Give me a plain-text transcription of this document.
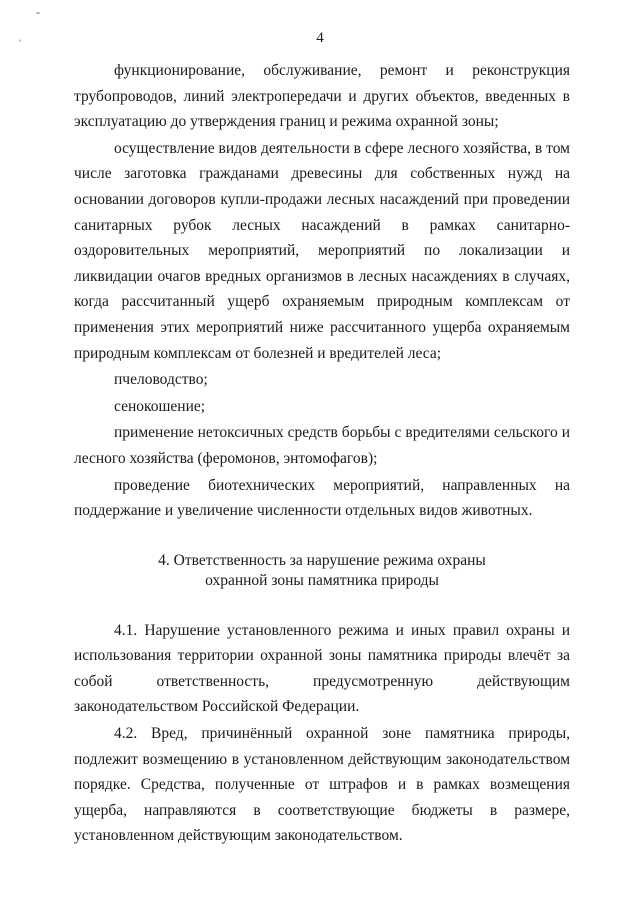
-
ʿ	4

функционирование, обслуживание, ремонт и реконструкция трубопроводов, линий электропередачи и других объектов, введенных в эксплуатацию до утверждения границ и режима охранной зоны;

осуществление видов деятельности в сфере лесного хозяйства, в том числе заготовка гражданами древесины для собственных нужд на основании договоров купли-продажи лесных насаждений при проведении санитарных рубок лесных насаждений в рамках санитарно-оздоровительных мероприятий, мероприятий по локализации и ликвидации очагов вредных организмов в лесных насаждениях в случаях, когда рассчитанный ущерб охраняемым природным комплексам от применения этих мероприятий ниже рассчитанного ущерба охраняемым природным комплексам от болезней и вредителей леса;

пчеловодство;

сенокошение;

применение нетоксичных средств борьбы с вредителями сельского и лесного хозяйства (феромонов, энтомофагов);

проведение биотехнических мероприятий, направленных на поддержание и увеличение численности отдельных видов животных.

4. Ответственность за нарушение режима охраны
охранной зоны памятника природы

4.1. Нарушение установленного режима и иных правил охраны и использования территории охранной зоны памятника природы влечёт за собой ответственность, предусмотренную действующим законодательством Российской Федерации.

4.2. Вред, причинённый охранной зоне памятника природы, подлежит возмещению в установленном действующим законодательством порядке. Средства, полученные от штрафов и в рамках возмещения ущерба, направляются в соответствующие бюджеты в размере, установленном действующим законодательством.
